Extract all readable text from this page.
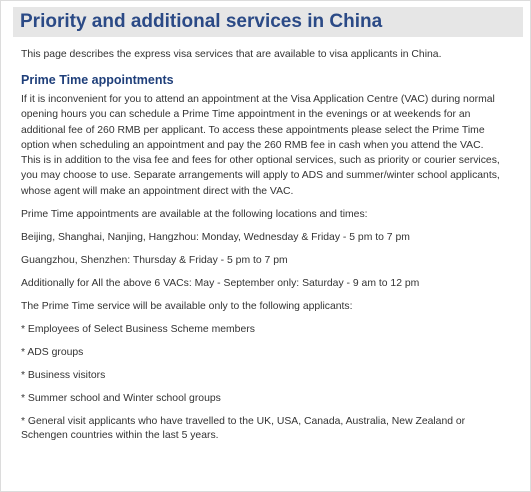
Priority and additional services in China

This page describes the express visa services that are available to visa applicants in China.

Prime Time appointments

If it is inconvenient for you to attend an appointment at the Visa Application Centre (VAC) during normal

opening hours you can schedule a Prime Time appointment in the evenings or at weekends for an

additional fee of 260 RMB per applicant. To access these appointments please select the Prime Time

option when scheduling an appointment and pay the 260 RMB fee in cash when you attend the VAC.

This is in addition to the visa fee and fees for other optional services, such as priority or courier services,

you may choose to use. Separate arrangements will apply to ADS and summer/winter school applicants,

whose agent will make an appointment direct with the VAC.

Prime Time appointments are available at the following locations and times:

Beijing, Shanghai, Nanjing, Hangzhou: Monday, Wednesday & Friday - 5 pm to 7 pm

Guangzhou, Shenzhen: Thursday & Friday - 5 pm to 7 pm

Additionally for All the above 6 VACs: May - September only: Saturday - 9 am to 12 pm

The Prime Time service will be available only to the following applicants:

* Employees of Select Business Scheme members

* ADS groups

* Business visitors

* Summer school and Winter school groups

* General visit applicants who have travelled to the UK, USA, Canada, Australia, New Zealand or

Schengen countries within the last 5 years.
